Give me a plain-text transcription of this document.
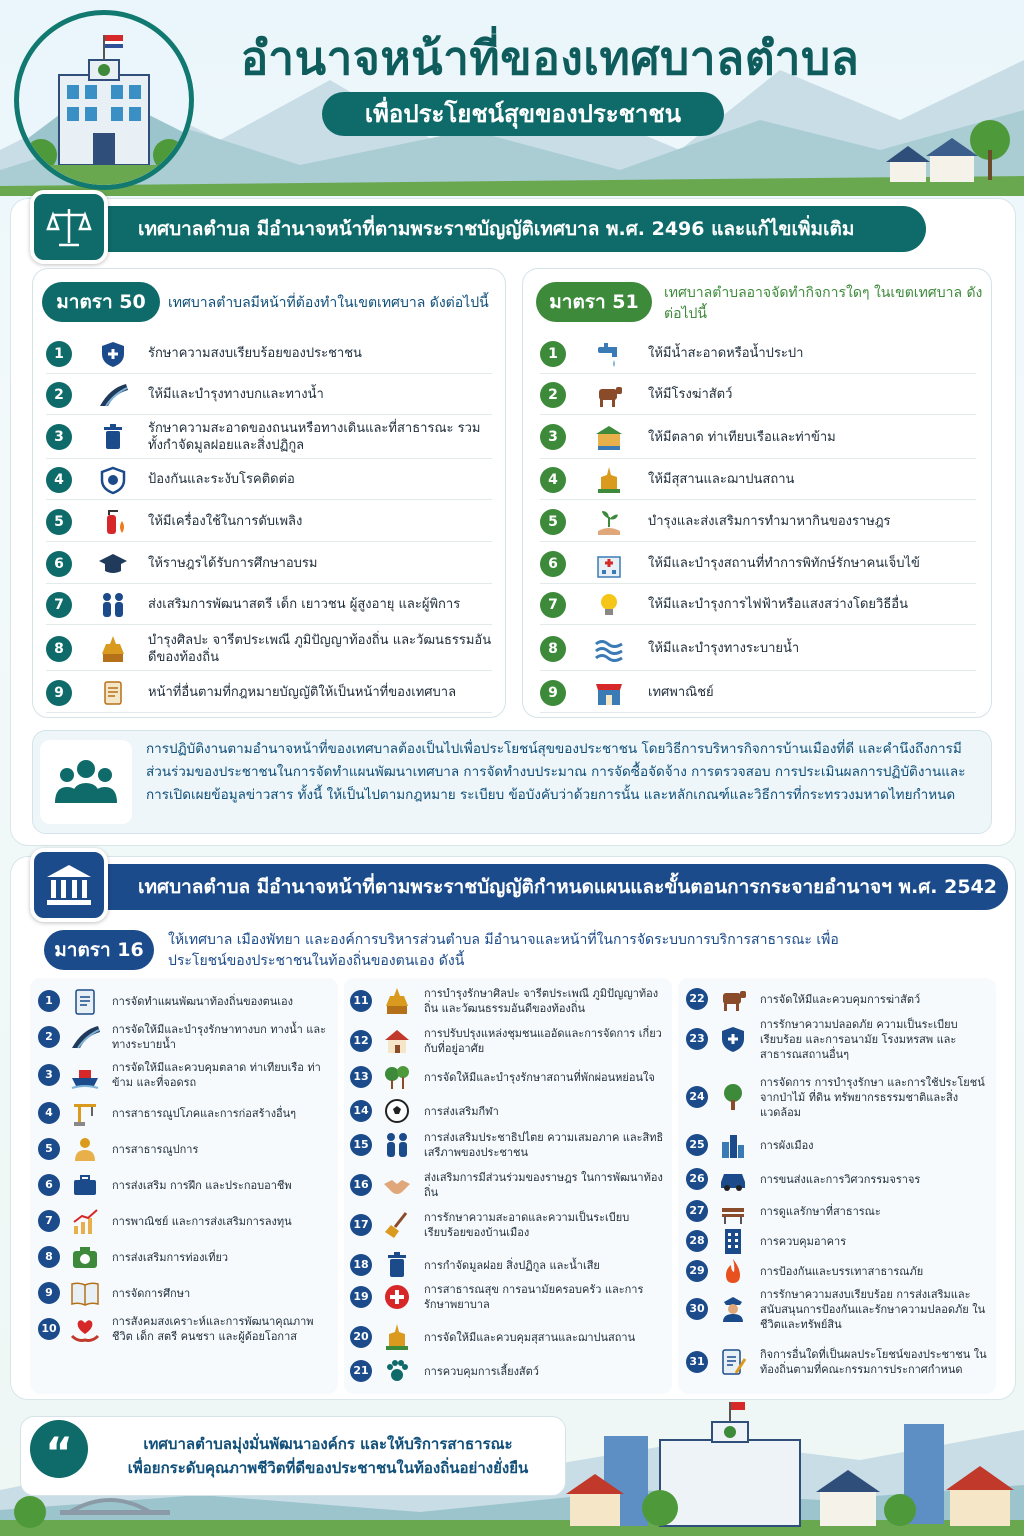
อำนาจหน้าที่ของเทศบาลตำบล
เพื่อประโยชน์สุขของประชาชน
เทศบาลตำบล มีอำนาจหน้าที่ตามพระราชบัญญัติเทศบาล พ.ศ. 2496 และแก้ไขเพิ่มเติม
มาตรา 50	เทศบาลตำบลมีหน้าที่ต้องทำในเขตเทศบาล ดังต่อไปนี้
1	รักษาความสงบเรียบร้อยของประชาชน
2	ให้มีและบำรุงทางบกและทางน้ำ
3
รักษาความสะอาดของถนนหรือทางเดินและที่สาธารณะ รวมทั้งกำจัดมูลฝอยและสิ่งปฏิกูล
4	ป้องกันและระงับโรคติดต่อ
5	ให้มีเครื่องใช้ในการดับเพลิง
6	ให้ราษฎรได้รับการศึกษาอบรม
7	ส่งเสริมการพัฒนาสตรี เด็ก เยาวชน ผู้สูงอายุ และผู้พิการ
8
บำรุงศิลปะ จารีตประเพณี ภูมิปัญญาท้องถิ่น และวัฒนธรรมอันดีของท้องถิ่น
9	หน้าที่อื่นตามที่กฎหมายบัญญัติให้เป็นหน้าที่ของเทศบาล
มาตรา 51	เทศบาลตำบลอาจจัดทำกิจการใดๆ ในเขตเทศบาล ดังต่อไปนี้
1	ให้มีน้ำสะอาดหรือน้ำประปา
2	ให้มีโรงฆ่าสัตว์
3	ให้มีตลาด ท่าเทียบเรือและท่าข้าม
4	ให้มีสุสานและฌาปนสถาน
5	บำรุงและส่งเสริมการทำมาหากินของราษฎร
6	ให้มีและบำรุงสถานที่ทำการพิทักษ์รักษาคนเจ็บไข้
7	ให้มีและบำรุงการไฟฟ้าหรือแสงสว่างโดยวิธีอื่น
8	ให้มีและบำรุงทางระบายน้ำ
9	เทศพาณิชย์
การปฏิบัติงานตามอำนาจหน้าที่ของเทศบาลต้องเป็นไปเพื่อประโยชน์สุขของประชาชน โดยวิธีการบริหารกิจการบ้านเมืองที่ดี และคำนึงถึงการมีส่วนร่วมของประชาชนในการจัดทำแผนพัฒนาเทศบาล การจัดทำงบประมาณ การจัดซื้อจัดจ้าง การตรวจสอบ การประเมินผลการปฏิบัติงานและการเปิดเผยข้อมูลข่าวสาร ทั้งนี้ ให้เป็นไปตามกฎหมาย ระเบียบ ข้อบังคับว่าด้วยการนั้น และหลักเกณฑ์และวิธีการที่กระทรวงมหาดไทยกำหนด
เทศบาลตำบล มีอำนาจหน้าที่ตามพระราชบัญญัติกำหนดแผนและขั้นตอนการกระจายอำนาจฯ พ.ศ. 2542
มาตรา 16	ให้เทศบาล เมืองพัทยา และองค์การบริหารส่วนตำบล มีอำนาจและหน้าที่ในการจัดระบบการบริการสาธารณะ เพื่อประโยชน์ของประชาชนในท้องถิ่นของตนเอง ดังนี้
1	การจัดทำแผนพัฒนาท้องถิ่นของตนเอง
2
การจัดให้มีและบำรุงรักษาทางบก ทางน้ำ และทางระบายน้ำ
3
การจัดให้มีและควบคุมตลาด ท่าเทียบเรือ ท่าข้าม และที่จอดรถ
4	การสาธารณูปโภคและการก่อสร้างอื่นๆ
5	การสาธารณูปการ
6	การส่งเสริม การฝึก และประกอบอาชีพ
7	การพาณิชย์ และการส่งเสริมการลงทุน
8	การส่งเสริมการท่องเที่ยว
9	การจัดการศึกษา
10
การสังคมสงเคราะห์และการพัฒนาคุณภาพชีวิต เด็ก สตรี คนชรา และผู้ด้อยโอกาส
11
การบำรุงรักษาศิลปะ จารีตประเพณี ภูมิปัญญาท้องถิ่น และวัฒนธรรมอันดีของท้องถิ่น
12
การปรับปรุงแหล่งชุมชนแออัดและการจัดการ เกี่ยวกับที่อยู่อาศัย
13	การจัดให้มีและบำรุงรักษาสถานที่พักผ่อนหย่อนใจ
14	การส่งเสริมกีฬา
15
การส่งเสริมประชาธิปไตย ความเสมอภาค และสิทธิเสรีภาพของประชาชน
16
ส่งเสริมการมีส่วนร่วมของราษฎร ในการพัฒนาท้องถิ่น
17
การรักษาความสะอาดและความเป็นระเบียบ เรียบร้อยของบ้านเมือง
18	การกำจัดมูลฝอย สิ่งปฏิกูล และน้ำเสีย
19
การสาธารณสุข การอนามัยครอบครัว และการรักษาพยาบาล
20	การจัดให้มีและควบคุมสุสานและฌาปนสถาน
21	การควบคุมการเลี้ยงสัตว์
22	การจัดให้มีและควบคุมการฆ่าสัตว์
23
การรักษาความปลอดภัย ความเป็นระเบียบ เรียบร้อย และการอนามัย โรงมหรสพ และสาธารณสถานอื่นๆ
24
การจัดการ การบำรุงรักษา และการใช้ประโยชน์ จากป่าไม้ ที่ดิน ทรัพยากรธรรมชาติและสิ่งแวดล้อม
25	การผังเมือง
26	การขนส่งและการวิศวกรรมจราจร
27	การดูแลรักษาที่สาธารณะ
28	การควบคุมอาคาร
29	การป้องกันและบรรเทาสาธารณภัย
30
การรักษาความสงบเรียบร้อย การส่งเสริมและ สนับสนุนการป้องกันและรักษาความปลอดภัย ในชีวิตและทรัพย์สิน
31
กิจการอื่นใดที่เป็นผลประโยชน์ของประชาชน ในท้องถิ่นตามที่คณะกรรมการประกาศกำหนด
“	เทศบาลตำบลมุ่งมั่นพัฒนาองค์กร และให้บริการสาธารณะ
เพื่อยกระดับคุณภาพชีวิตที่ดีของประชาชนในท้องถิ่นอย่างยั่งยืน
